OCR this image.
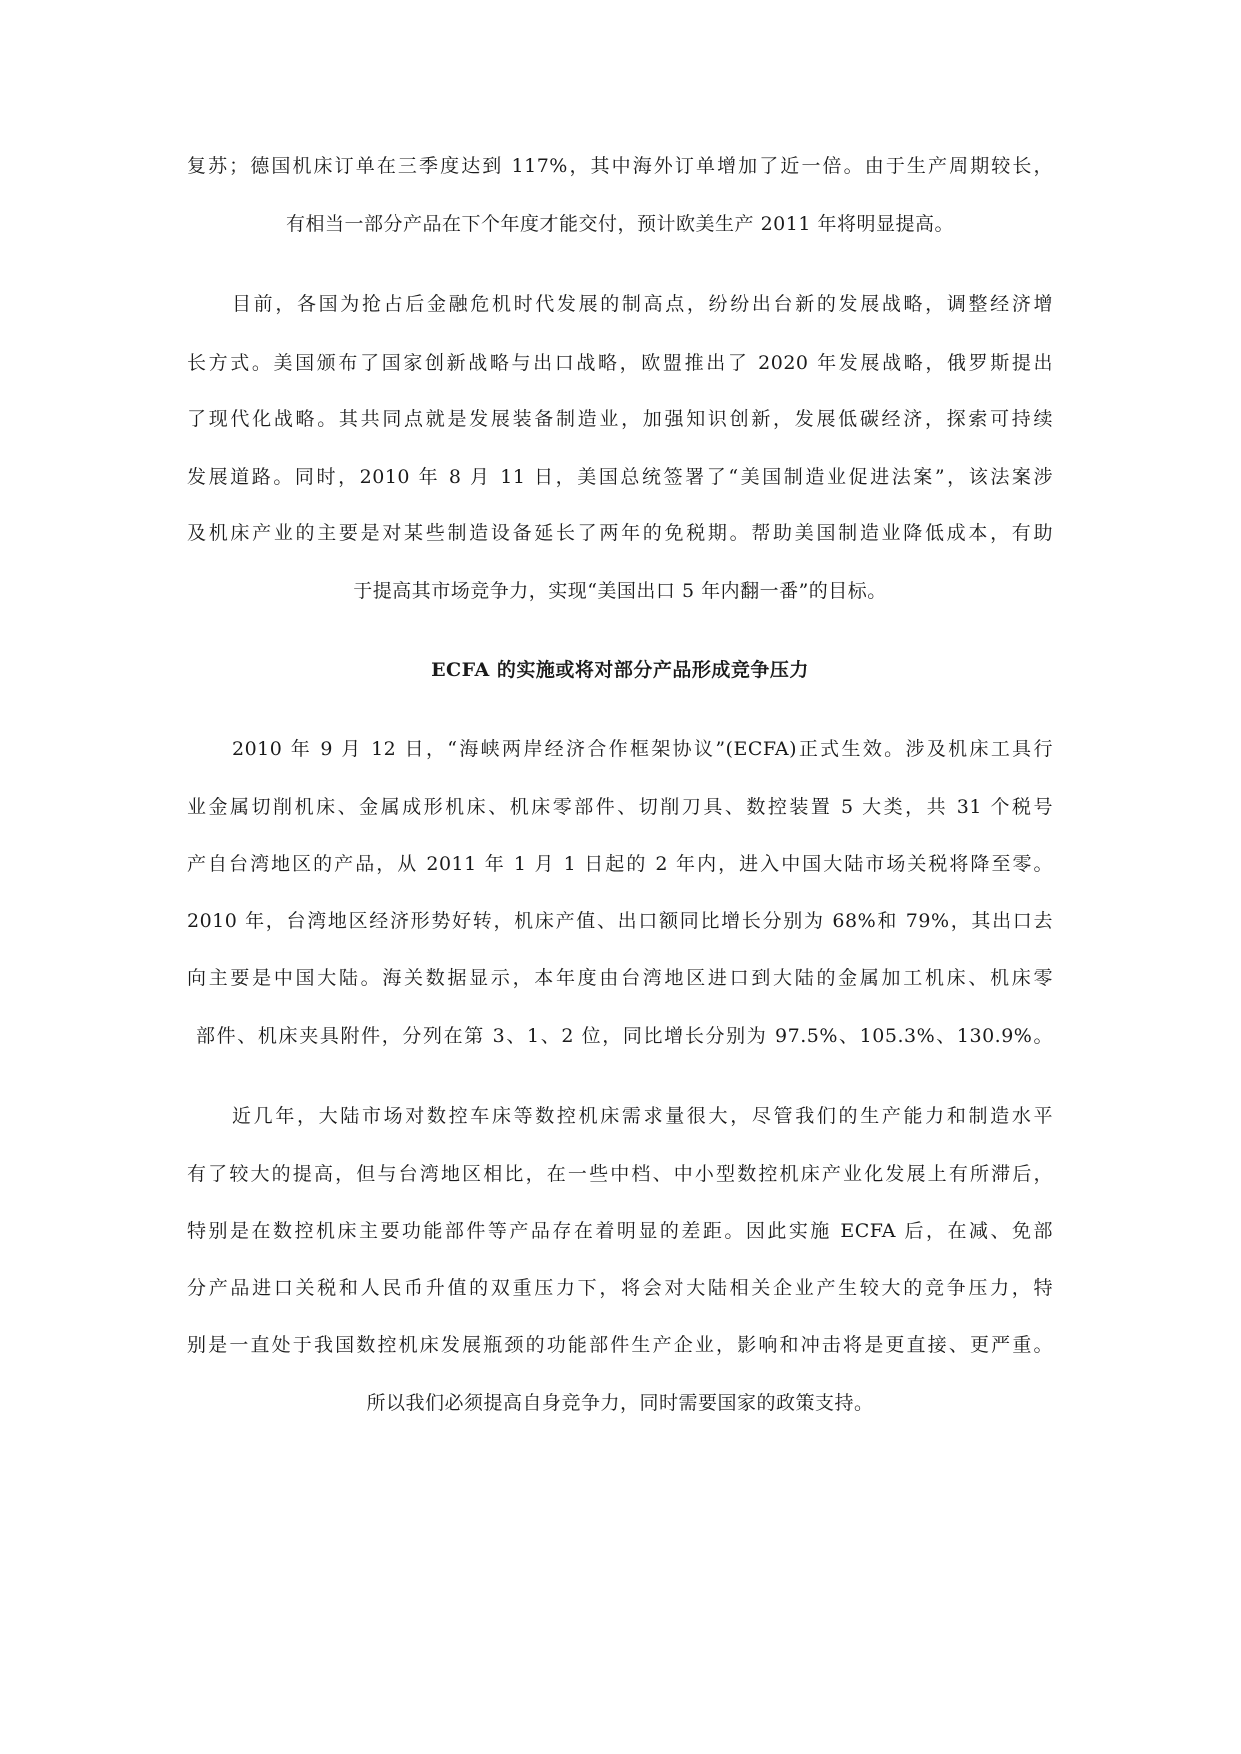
复苏；德国机床订单在三季度达到 117%，其中海外订单增加了近一倍。由于生产周期较长，
有相当一部分产品在下个年度才能交付，预计欧美生产 2011 年将明显提高。
目前，各国为抢占后金融危机时代发展的制高点，纷纷出台新的发展战略，调整经济增
长方式。美国颁布了国家创新战略与出口战略，欧盟推出了 2020 年发展战略，俄罗斯提出
了现代化战略。其共同点就是发展装备制造业，加强知识创新，发展低碳经济，探索可持续
发展道路。同时，2010 年 8 月 11 日，美国总统签署了“美国制造业促进法案”，该法案涉
及机床产业的主要是对某些制造设备延长了两年的免税期。帮助美国制造业降低成本，有助
于提高其市场竞争力，实现“美国出口 5 年内翻一番”的目标。
ECFA 的实施或将对部分产品形成竞争压力
2010 年 9 月 12 日，“海峡两岸经济合作框架协议”(ECFA)正式生效。涉及机床工具行
业金属切削机床、金属成形机床、机床零部件、切削刀具、数控装置 5 大类，共 31 个税号
产自台湾地区的产品，从 2011 年 1 月 1 日起的 2 年内，进入中国大陆市场关税将降至零。
2010 年，台湾地区经济形势好转，机床产值、出口额同比增长分别为 68%和 79%，其出口去
向主要是中国大陆。海关数据显示，本年度由台湾地区进口到大陆的金属加工机床、机床零
部件、机床夹具附件，分列在第 3、1、2 位，同比增长分别为 97.5%、105.3%、130.9%。
近几年，大陆市场对数控车床等数控机床需求量很大，尽管我们的生产能力和制造水平
有了较大的提高，但与台湾地区相比，在一些中档、中小型数控机床产业化发展上有所滞后，
特别是在数控机床主要功能部件等产品存在着明显的差距。因此实施 ECFA 后，在减、免部
分产品进口关税和人民币升值的双重压力下，将会对大陆相关企业产生较大的竞争压力，特
别是一直处于我国数控机床发展瓶颈的功能部件生产企业，影响和冲击将是更直接、更严重。
所以我们必须提高自身竞争力，同时需要国家的政策支持。
